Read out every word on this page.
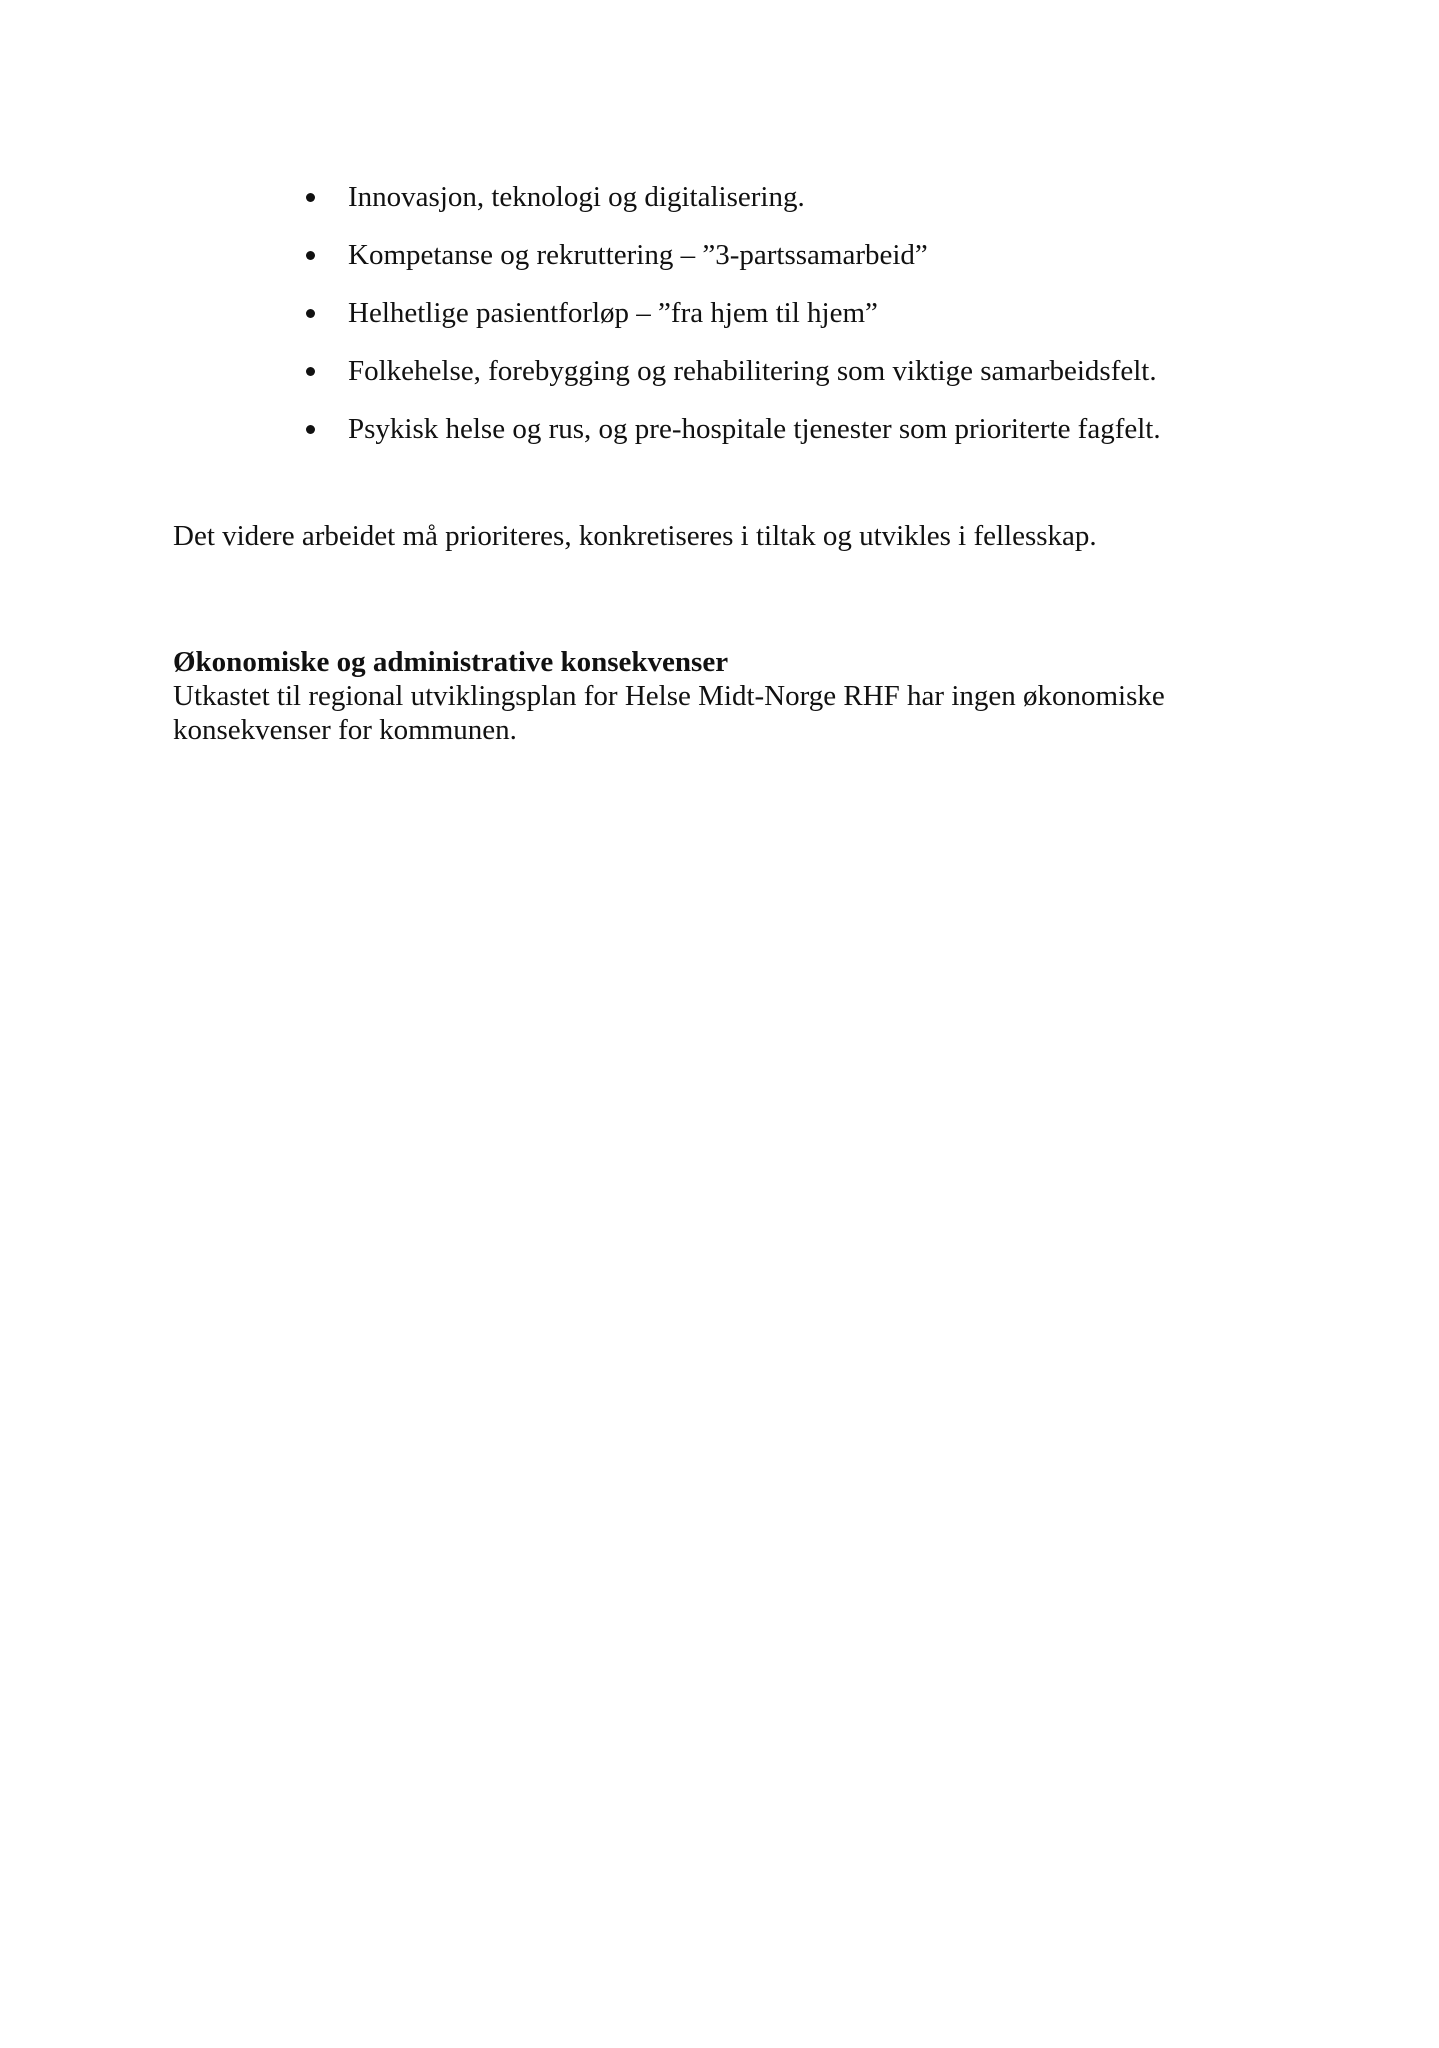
Innovasjon, teknologi og digitalisering.
Kompetanse og rekruttering – ”3-partssamarbeid”
Helhetlige pasientforløp – ”fra hjem til hjem”
Folkehelse, forebygging og rehabilitering som viktige samarbeidsfelt.
Psykisk helse og rus, og pre-hospitale tjenester som prioriterte fagfelt.

Det videre arbeidet må prioriteres, konkretiseres i tiltak og utvikles i fellesskap.

Økonomiske og administrative konsekvenser

Utkastet til regional utviklingsplan for Helse Midt-Norge RHF har ingen økonomiske

konsekvenser for kommunen.
